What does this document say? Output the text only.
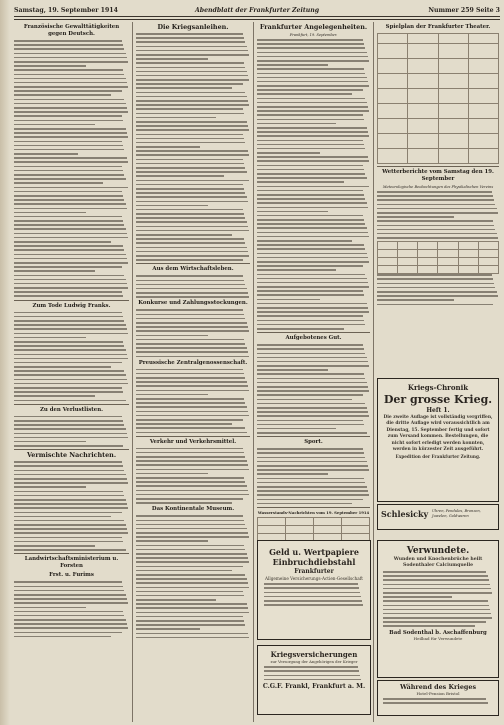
Samstag, 19. September 1914	Abendblatt der Frankfurter Zeitung	Nummer 259 Seite 3
Französische Gewalttätigkeiten gegen Deutsch.
Zum Tode Ludwig Franks.
Zu den Verlustlisten.
Vermischte Nachrichten.
Landwirtschaftsministerium u. Forsten
Frst. u. Furims
Die Kriegsanleihen.
Aus dem Wirtschaftsleben.
Konkurse und Zahlungsstockungen.
Preussische Zentralgenossenschaft.
Verkehr und Verkehrsmittel.
Das Kontinentale Museum.
Frankfurter Angelegenheiten.
Frankfurt, 19. September.
Aufgebotenes Gut.
Sport.
Wasserstands-Nachrichten vom 19. September 1914

Spielplan der Frankfurter Theater.

Wetterberichte vom Samstag den 19. September
Meteorologische Beobachtungen des Physikalischen Vereins

Kriegs-Chronik
Der grosse Krieg.
Heft 1.
Die zweite Auflage ist vollständig vergriffen, die dritte Auflage wird voraussichtlich am Dienstag, 15. September fertig und sofort zum Versand kommen. Bestellungen, die nicht sofort erledigt werden konnten, werden in kürzester Zeit ausgeführt.
Expedition der Frankfurter Zeitung.
Schlesicky Uhren, Pendules, Bronzen, Juwelen, Goldwaren
Geld u. Wertpapiere
Einbruchdiebstahl
Frankfurter
Allgemeine Versicherungs-Actien-Gesellschaft
Kriegsversicherungen
zur Versorgung der Angehörigen der Krieger
C.G.F. Frankl, Frankfurt a. M.
Verwundete.
Wunden und Knochenbrüche heilt Sodenthaler Calciumquelle
Bad Sodenthal b. Aschaffenburg
Heilbad für Verwundete
Während des Krieges
Hotel-Pension Bristol
